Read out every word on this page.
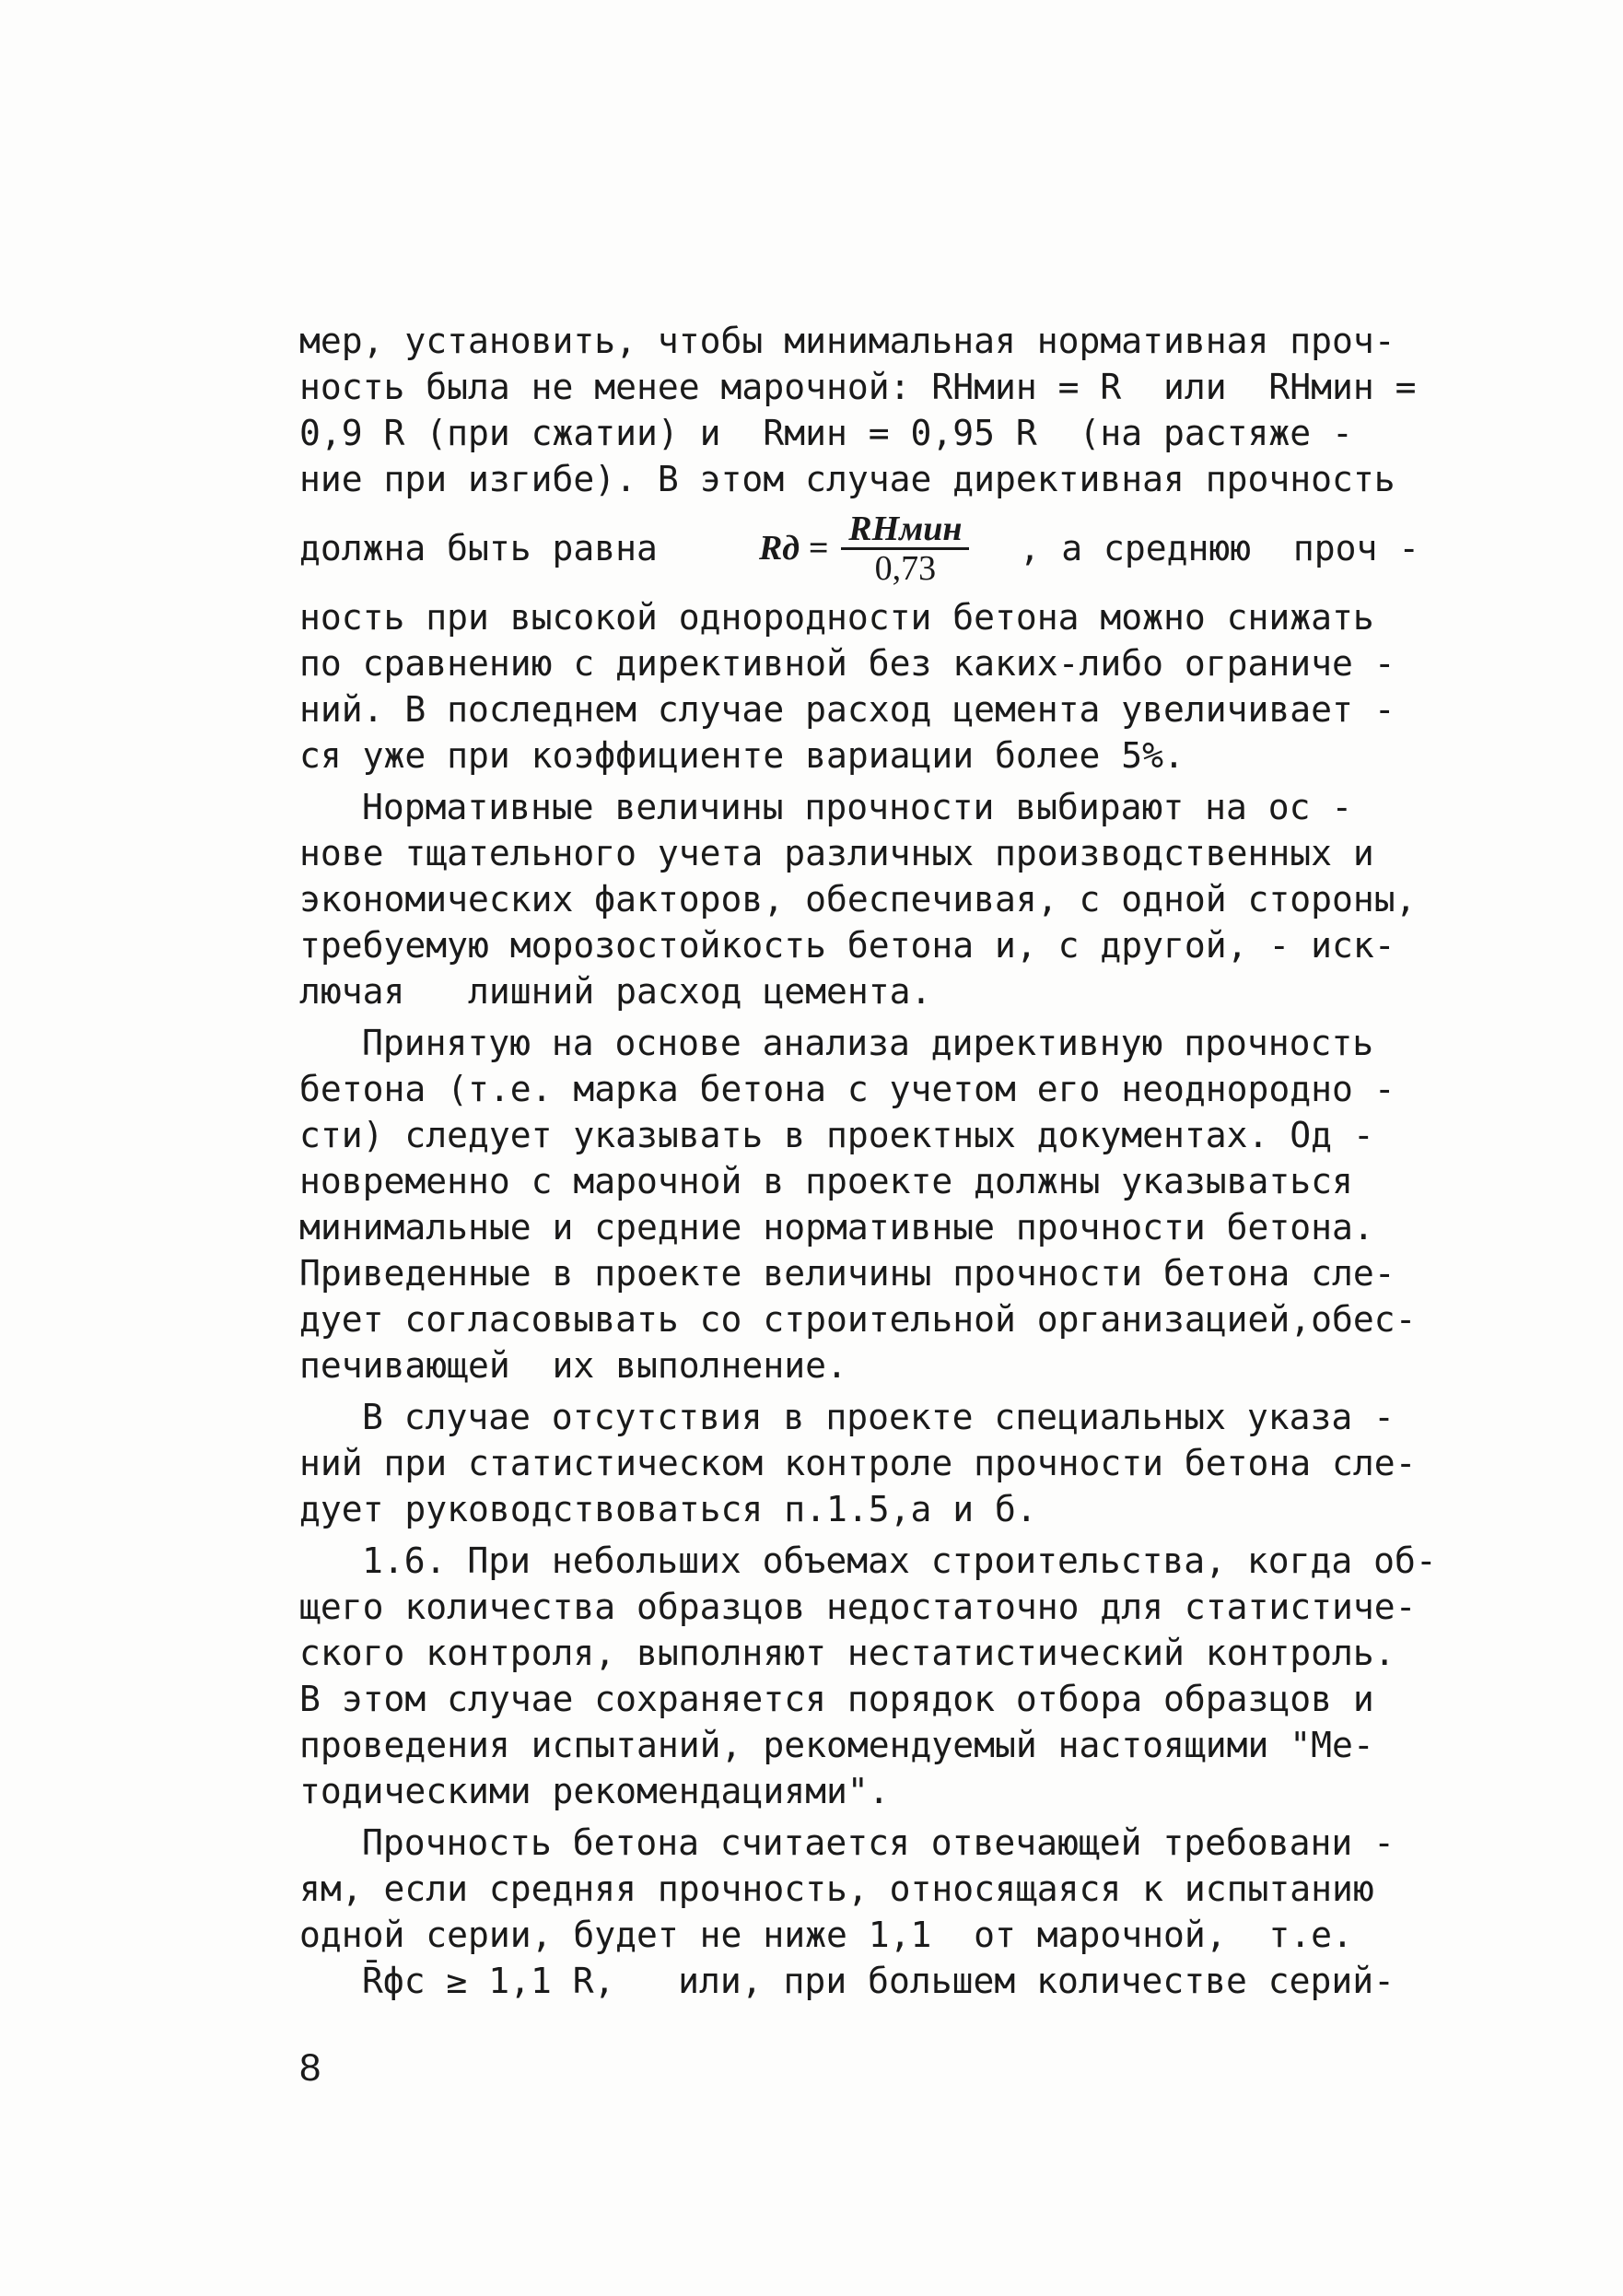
мер, установить, чтобы минимальная нормативная проч-
ность была не менее марочной: RHмин = R  или  RHмин =
0,9 R (при сжатии) и  Rмин = 0,95 R  (на растяже -
ние при изгибе). В этом случае директивная прочность
должна быть равна	Rд = $\frac{\text{RHмин}}{0,73}$ , а среднюю  проч -
ность при высокой однородности бетона можно снижать
по сравнению с директивной без каких-либо ограниче -
ний. В последнем случае расход цемента увеличивает -
ся уже при коэффициенте вариации более 5%.
Нормативные величины прочности выбирают на ос -
нове тщательного учета различных производственных и
экономических факторов, обеспечивая, с одной стороны,
требуемую морозостойкость бетона и, с другой, - иск-
лючая   лишний расход цемента.
Принятую на основе анализа директивную прочность
бетона (т.е. марка бетона с учетом его неоднородно -
сти) следует указывать в проектных документах. Од -
новременно с марочной в проекте должны указываться
минимальные и средние нормативные прочности бетона.
Приведенные в проекте величины прочности бетона сле-
дует согласовывать со строительной организацией,обес-
печивающей  их выполнение.
В случае отсутствия в проекте специальных указа -
ний при статистическом контроле прочности бетона сле-
дует руководствоваться п.1.5,а и б.
1.6. При небольших объемах строительства, когда об-
щего количества образцов недостаточно для статистиче-
ского контроля, выполняют нестатистический контроль.
В этом случае сохраняется порядок отбора образцов и
проведения испытаний, рекомендуемый настоящими "Ме-
тодическими рекомендациями".
Прочность бетона считается отвечающей требовани -
ям, если средняя прочность, относящаяся к испытанию
одной серии, будет не ниже 1,1  от марочной,  т.е.
R̄фc ≥ 1,1 R,   или, при большем количестве серий-
8
